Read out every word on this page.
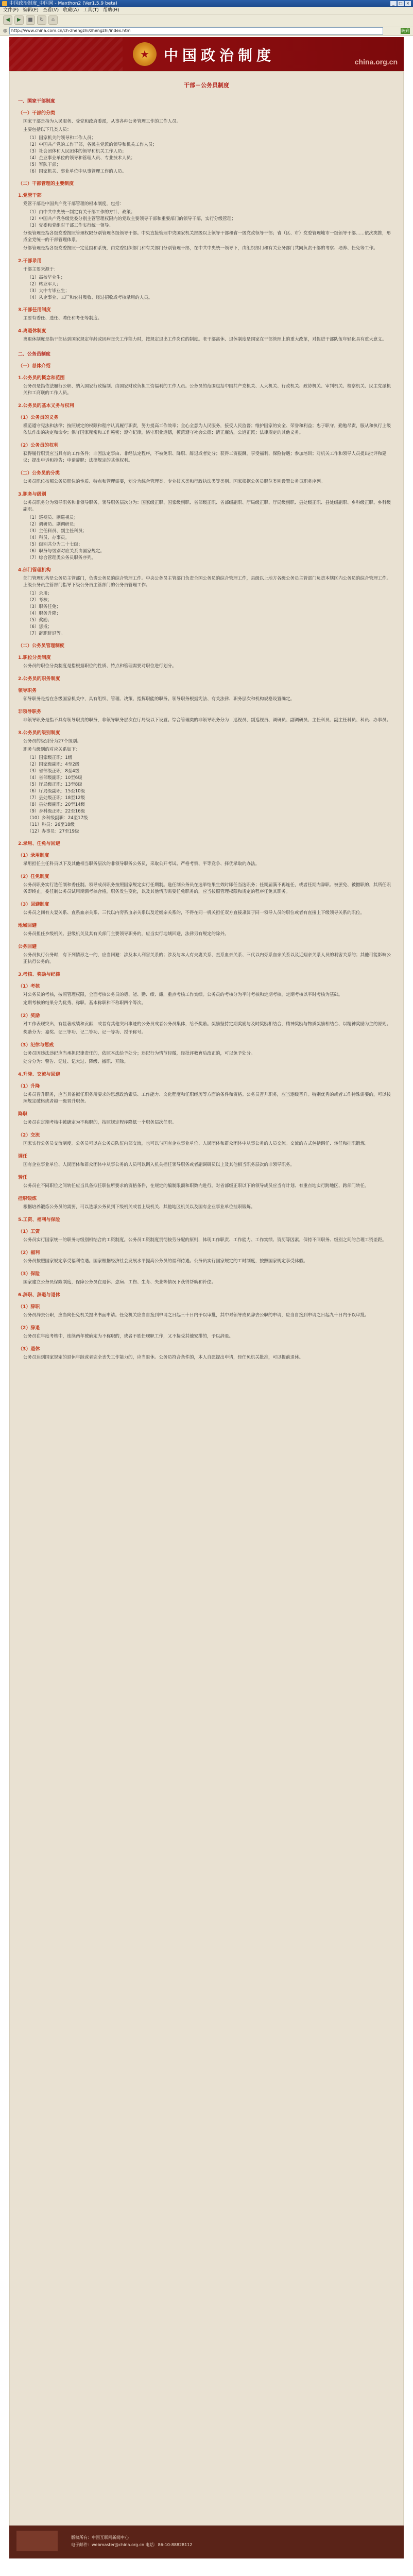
中国政治制度_中国网 - Maxthon2 (Ver1.5.9 beta)	_	□ ×
文件(F) 编辑(E) 查看(V) 收藏(A) 工具(T) 帮助(H)
◀	▶	■	↻	⌂
◍	http://www.china.com.cn/ch-zhengzhi/zhengzhi/index.htm	转到
★	中国政治制度	china.org.cn
干部－公务员制度
一、国家干部制度
（一）干部的分类
国家干部是指为人民服务、受党和政府委派，从事各种公务管理工作的工作人员。
主要包括以下几类人员：
（1）国家机关的领导和工作人员；
（2）中国共产党的工作干部，各民主党派的领导和机关工作人员；
（3）社会团体和人民团体的领导和机关工作人员；
（4）企业事业单位的领导和管理人员、专业技术人员；
（5）军队干部；
（6）国家机关、事业单位中从事管理工作的人员。
（二）干部管理的主要制度
1.党管干部
党管干部是中国共产党干部管理的根本制度，包括：
（1）由中共中央统一制定有关干部工作的方针、政策；
（2）中国共产党各级党委分别主管管理权限内的党政主要领导干部和重要部门的领导干部，实行分级管理；
（3）党委和党组对干部工作实行统一领导。
分级管理是指各级党委按照管理权限分别管理各级领导干部。中央直接管理中央国家机关部级以上领导干部和省一级党政领导干部；省（区、市）党委管理地市一级领导干部……依次类推，形成全党统一的干部管理体系。
分部管理是指各级党委按照一定范围和系统，由党委组织部门和有关部门分别管理干部，在中共中央统一领导下，由组织部门和有关业务部门共同负责干部的考察、培养、任免等工作。
2.干部录用
干部主要来源于：
（1）高校毕业生；
（2）转业军人；
（3）大中专毕业生；
（4）从企事业、工厂和农村吸收、经过招收或考核录用的人员。
3.干部任用制度
主要有委任、选任、聘任和考任等制度。
4.离退休制度
离退休制度是指干部达到国家规定年龄或因病丧失工作能力时，按规定退出工作岗位的制度。老干部离休、退休制度是国家在干部管理上的重大改革，对促进干部队伍年轻化具有重大意义。
二、公务员制度
（一）总体介绍
1.公务员的概念和范围
公务员是指依法履行公职、纳入国家行政编制、由国家财政负担工资福利的工作人员。公务员的范围包括中国共产党机关、人大机关、行政机关、政协机关、审判机关、检察机关、民主党派机关和工商联的工作人员。
2.公务员的基本义务与权利
（1）公务员的义务
模范遵守宪法和法律；按照规定的权限和程序认真履行职责，努力提高工作效率；全心全意为人民服务，接受人民监督；维护国家的安全、荣誉和利益；忠于职守，勤勉尽责，服从和执行上级依法作出的决定和命令；保守国家秘密和工作秘密；遵守纪律，恪守职业道德，模范遵守社会公德；清正廉洁，公道正派；法律规定的其他义务。
（2）公务员的权利
获得履行职责应当具有的工作条件；非因法定事由、非经法定程序，不被免职、降职、辞退或者处分；获得工资报酬，享受福利、保险待遇；参加培训；对机关工作和领导人员提出批评和建议；提出申诉和控告；申请辞职；法律规定的其他权利。
（二）公务员的分类
公务员职位按照公务员职位的性质、特点和管理需要，划分为综合管理类、专业技术类和行政执法类等类别。国家根据公务员职位类别设置公务员职务序列。
3.职务与级别
公务员职务分为领导职务和非领导职务。领导职务层次分为：国家级正职、国家级副职、省部级正职、省部级副职、厅局级正职、厅局级副职、县处级正职、县处级副职、乡科级正职、乡科级副职。
（1）巡视员、副巡视员；
（2）调研员、副调研员；
（3）主任科员、副主任科员；
（4）科员、办事员。
（5）级别共分为二十七级；
（6）职务与级别对应关系由国家规定。
（7）综合管理类公务员职务序列。
4.部门管理机构
部门管理机构是公务员主管部门，负责公务员的综合管理工作。中央公务员主管部门负责全国公务员的综合管理工作，县级以上地方各级公务员主管部门负责本辖区内公务员的综合管理工作。上级公务员主管部门指导下级公务员主管部门的公务员管理工作。
（1）录用；
（2）考核；
（3）职务任免；
（4）职务升降；
（5）奖励；
（6）惩戒；
（7）辞职辞退等。
（二）公务员管理制度
1.职位分类制度
公务员的职位分类制度是指根据职位的性质、特点和管理需要对职位进行划分。
2.公务员的职务制度
领导职务
领导职务是指在各级国家机关中，具有组织、管理、决策、指挥职能的职务。领导职务根据宪法、有关法律、职务层次和机构规格设置确定。
非领导职务
非领导职务是指不具有领导职责的职务，非领导职务层次在厅局级以下设置。综合管理类的非领导职务分为：巡视员、副巡视员、调研员、副调研员、主任科员、副主任科员、科员、办事员。
3.公务员的级别制度
公务员的级别分为27个级别。
职务与级别的对应关系如下：
（1）国家级正职：1级
（2）国家级副职：4至2级
（3）省部级正职：8至4级
（4）省部级副职：10至6级
（5）厅局级正职：13至8级
（6）厅局级副职：15至10级
（7）县处级正职：18至12级
（8）县处级副职：20至14级
（9）乡科级正职：22至16级
（10）乡科级副职：24至17级
（11）科员：26至18级
（12）办事员：27至19级
2.录用、任免与回避
（1）录用制度
录用担任主任科员以下及其他相当职务层次的非领导职务公务员，采取公开考试、严格考察、平等竞争、择优录取的办法。
（2）任免制度
公务员职务实行选任制和委任制。领导成员职务按照国家规定实行任期制。选任制公务员在选举结果生效时即任当选职务；任期届满不再连任，或者任期内辞职、被罢免、被撤职的，其所任职务即终止。委任制公务员试用期满考核合格，职务发生变化，以及其他情形需要任免职务的，应当按照管理权限和规定的程序任免其职务。
（3）回避制度
公务员之间有夫妻关系、直系血亲关系、三代以内旁系血亲关系以及近姻亲关系的，不得在同一机关担任双方直接隶属于同一领导人员的职位或者有直接上下级领导关系的职位。
地域回避
公务员担任乡级机关、县级机关及其有关部门主要领导职务的，应当实行地域回避，法律另有规定的除外。
公务回避
公务员执行公务时，有下列情形之一的，应当回避：涉及本人利害关系的；涉及与本人有夫妻关系、直系血亲关系、三代以内旁系血亲关系以及近姻亲关系人员的利害关系的；其他可能影响公正执行公务的。
3.考核、奖励与纪律
（1）考核
对公务员的考核，按照管理权限，全面考核公务员的德、能、勤、绩、廉，重点考核工作实绩。公务员的考核分为平时考核和定期考核。定期考核以平时考核为基础。
定期考核的结果分为优秀、称职、基本称职和不称职四个等次。
（2）奖励
对工作表现突出，有显著成绩和贡献，或者有其他突出事迹的公务员或者公务员集体，给予奖励。奖励坚持定期奖励与及时奖励相结合，精神奖励与物质奖励相结合、以精神奖励为主的原则。
奖励分为：嘉奖、记三等功、记二等功、记一等功、授予称号。
（3）纪律与惩戒
公务员因违法违纪应当承担纪律责任的，依照本法给予处分；违纪行为情节轻微，经批评教育后改正的，可以免予处分。
处分分为：警告、记过、记大过、降级、撤职、开除。
4.升降、交流与回避
（1）升降
公务员晋升职务，应当具备拟任职务所要求的思想政治素质、工作能力、文化程度和任职经历等方面的条件和资格。公务员晋升职务，应当逐级晋升。特别优秀的或者工作特殊需要的，可以按照规定破格或者越一级晋升职务。
降职
公务员在定期考核中被确定为不称职的，按照规定程序降低一个职务层次任职。
（2）交流
国家实行公务员交流制度。公务员可以在公务员队伍内部交流，也可以与国有企业事业单位、人民团体和群众团体中从事公务的人员交流。交流的方式包括调任、转任和挂职锻炼。
调任
国有企业事业单位、人民团体和群众团体中从事公务的人员可以调入机关担任领导职务或者副调研员以上及其他相当职务层次的非领导职务。
转任
公务员在不同职位之间转任应当具备拟任职位所要求的资格条件，在规定的编制限额和职数内进行。对省部级正职以下的领导成员应当有计划、有重点地实行跨地区、跨部门转任。
挂职锻炼
根据培养锻炼公务员的需要，可以选派公务员到下级机关或者上级机关、其他地区机关以及国有企业事业单位挂职锻炼。
5.工资、福利与保险
（1）工资
公务员实行国家统一的职务与级别相结合的工资制度。公务员工资制度贯彻按劳分配的原则，体现工作职责、工作能力、工作实绩、资历等因素，保持不同职务、级别之间的合理工资差距。
（2）福利
公务员按照国家规定享受福利待遇。国家根据经济社会发展水平提高公务员的福利待遇。公务员实行国家规定的工时制度，按照国家规定享受休假。
（3）保险
国家建立公务员保险制度，保障公务员在退休、患病、工伤、生育、失业等情况下获得帮助和补偿。
6.辞职、辞退与退休
（1）辞职
公务员辞去公职，应当向任免机关提出书面申请。任免机关应当自接到申请之日起三十日内予以审批，其中对领导成员辞去公职的申请，应当自接到申请之日起九十日内予以审批。
（2）辞退
公务员在年度考核中，连续两年被确定为不称职的，或者不胜任现职工作，又不接受其他安排的，予以辞退。
（3）退休
公务员达到国家规定的退休年龄或者完全丧失工作能力的，应当退休。公务员符合条件的，本人自愿提出申请，经任免机关批准，可以提前退休。
版权所有：中国互联网新闻中心
电子邮件：webmaster@china.org.cn 电话：86-10-88828112
